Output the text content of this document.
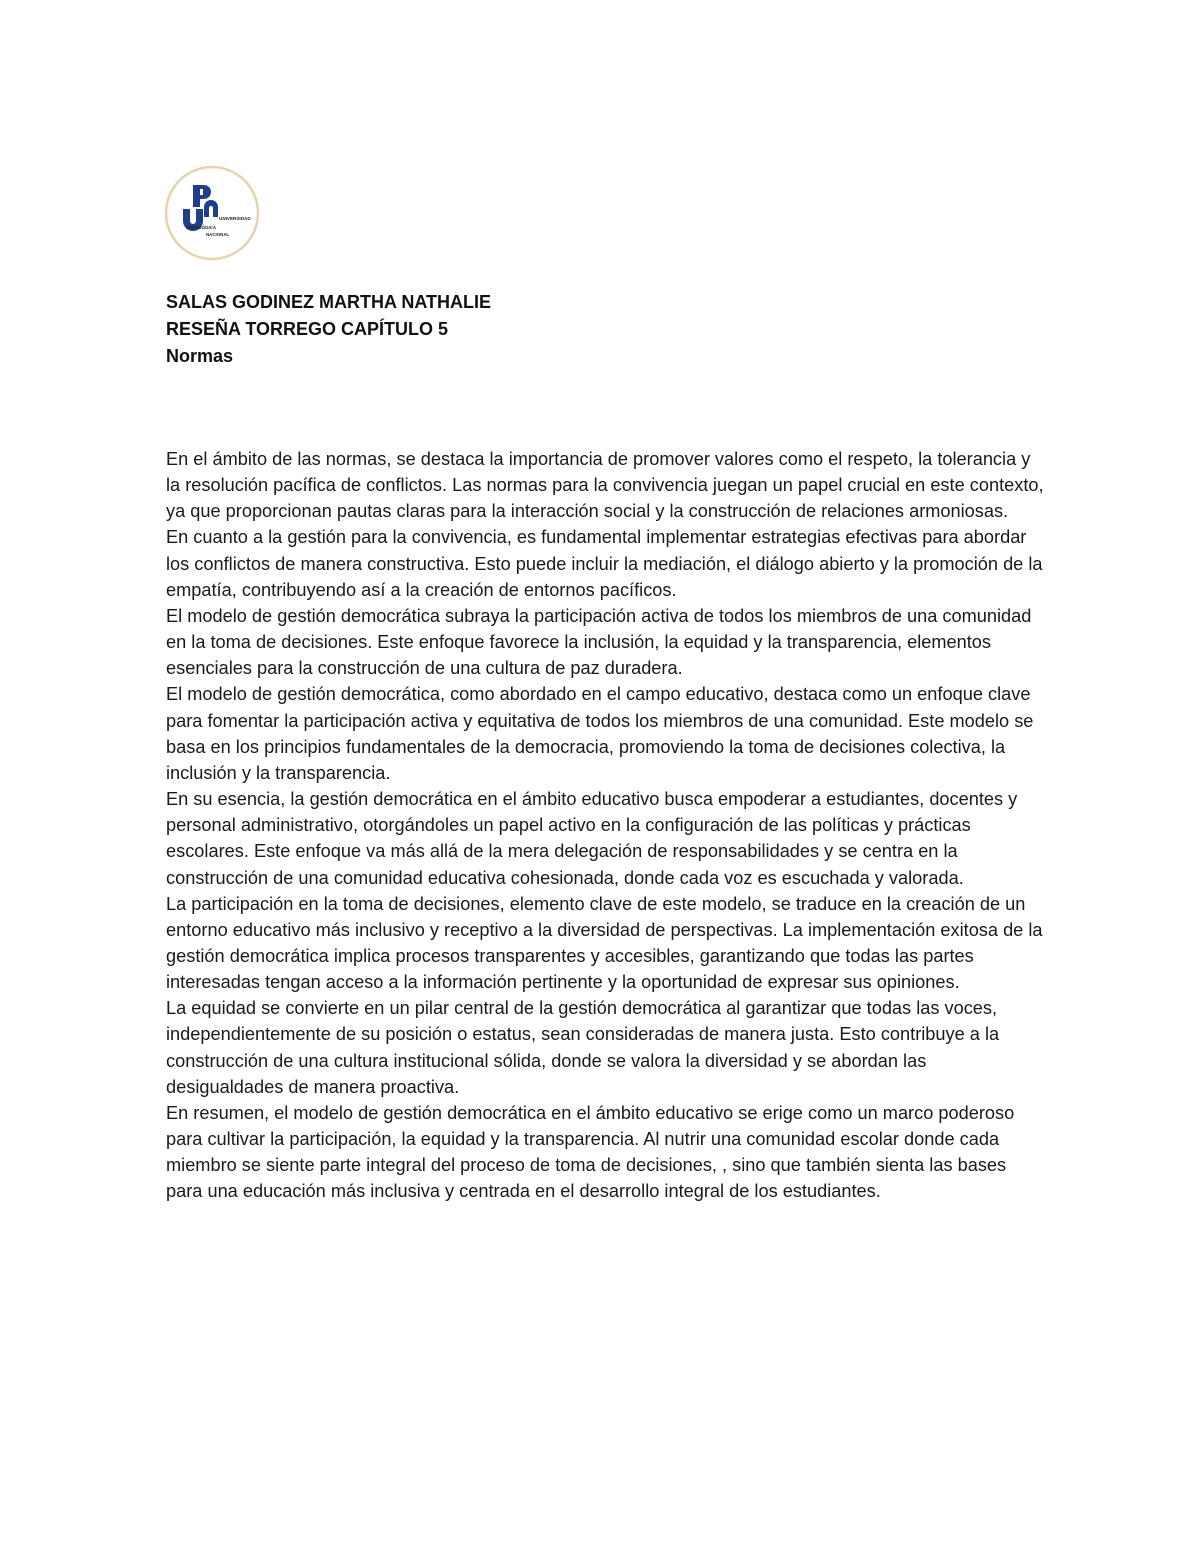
UNIVERSIDAD
PEDAGÓGICA
NACIONAL
SALAS GODINEZ MARTHA NATHALIE
RESEÑA TORREGO CAPÍTULO 5
Normas

En el ámbito de las normas, se destaca la importancia de promover valores como el respeto, la tolerancia y la resolución pacífica de conflictos. Las normas para la convivencia juegan un papel crucial en este contexto, ya que proporcionan pautas claras para la interacción social y la construcción de relaciones armoniosas.

En cuanto a la gestión para la convivencia, es fundamental implementar estrategias efectivas para abordar los conflictos de manera constructiva. Esto puede incluir la mediación, el diálogo abierto y la promoción de la empatía, contribuyendo así a la creación de entornos pacíficos.

El modelo de gestión democrática subraya la participación activa de todos los miembros de una comunidad en la toma de decisiones. Este enfoque favorece la inclusión, la equidad y la transparencia, elementos esenciales para la construcción de una cultura de paz duradera.

El modelo de gestión democrática, como abordado en el campo educativo, destaca como un enfoque clave para fomentar la participación activa y equitativa de todos los miembros de una comunidad. Este modelo se basa en los principios fundamentales de la democracia, promoviendo la toma de decisiones colectiva, la inclusión y la transparencia.

En su esencia, la gestión democrática en el ámbito educativo busca empoderar a estudiantes, docentes y personal administrativo, otorgándoles un papel activo en la configuración de las políticas y prácticas escolares. Este enfoque va más allá de la mera delegación de responsabilidades y se centra en la construcción de una comunidad educativa cohesionada, donde cada voz es escuchada y valorada.

La participación en la toma de decisiones, elemento clave de este modelo, se traduce en la creación de un entorno educativo más inclusivo y receptivo a la diversidad de perspectivas. La implementación exitosa de la gestión democrática implica procesos transparentes y accesibles, garantizando que todas las partes interesadas tengan acceso a la información pertinente y la oportunidad de expresar sus opiniones.

La equidad se convierte en un pilar central de la gestión democrática al garantizar que todas las voces, independientemente de su posición o estatus, sean consideradas de manera justa. Esto contribuye a la construcción de una cultura institucional sólida, donde se valora la diversidad y se abordan las desigualdades de manera proactiva.

En resumen, el modelo de gestión democrática en el ámbito educativo se erige como un marco poderoso para cultivar la participación, la equidad y la transparencia. Al nutrir una comunidad escolar donde cada miembro se siente parte integral del proceso de toma de decisiones, , sino que también sienta las bases para una educación más inclusiva y centrada en el desarrollo integral de los estudiantes.
